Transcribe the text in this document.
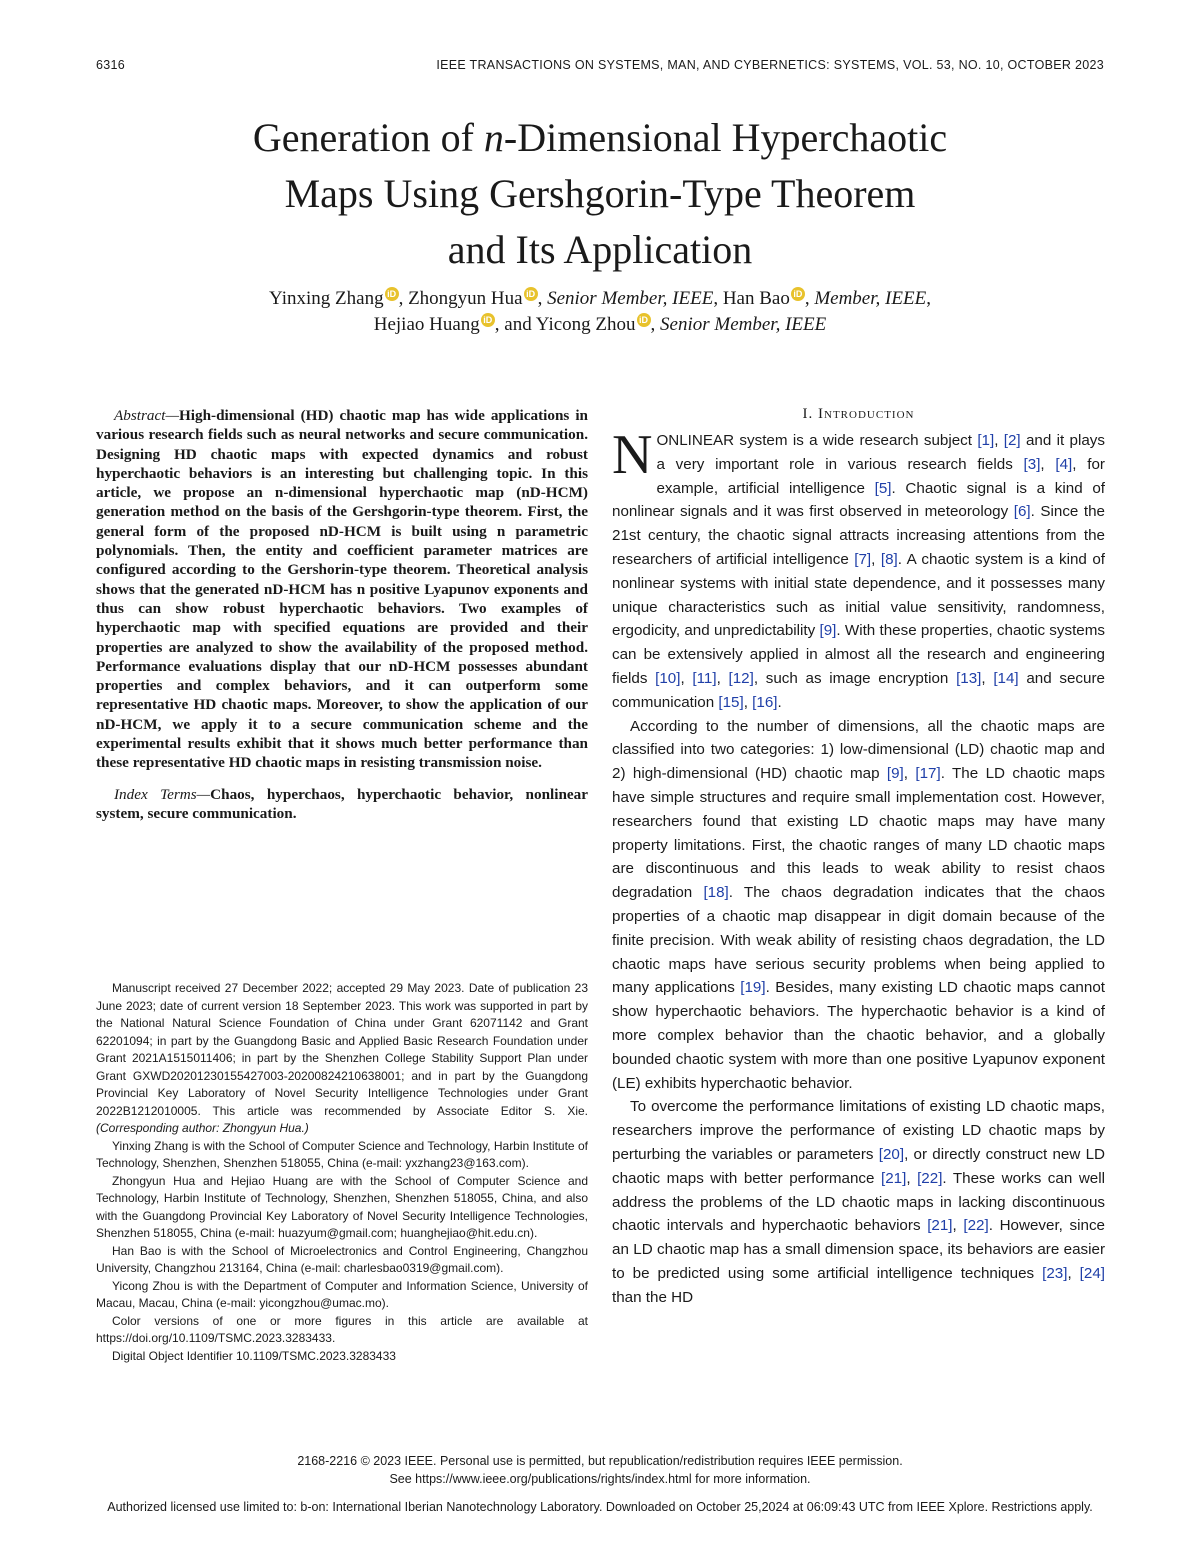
6316	IEEE TRANSACTIONS ON SYSTEMS, MAN, AND CYBERNETICS: SYSTEMS, VOL. 53, NO. 10, OCTOBER 2023
Generation of n-Dimensional Hyperchaotic
Maps Using Gershgorin-Type Theorem
and Its Application
Yinxing Zhang iD , Zhongyun Hua iD , Senior Member, IEEE, Han Bao iD , Member, IEEE,
Hejiao Huang iD , and Yicong Zhou iD , Senior Member, IEEE

Abstract—High-dimensional (HD) chaotic map has wide applications in various research fields such as neural networks and secure communication. Designing HD chaotic maps with expected dynamics and robust hyperchaotic behaviors is an interesting but challenging topic. In this article, we propose an n-dimensional hyperchaotic map (nD-HCM) generation method on the basis of the Gershgorin-type theorem. First, the general form of the proposed nD-HCM is built using n parametric polynomials. Then, the entity and coefficient parameter matrices are configured according to the Gershorin-type theorem. Theoretical analysis shows that the generated nD-HCM has n positive Lyapunov exponents and thus can show robust hyperchaotic behaviors. Two examples of hyperchaotic map with specified equations are provided and their properties are analyzed to show the availability of the proposed method. Performance evaluations display that our nD-HCM possesses abundant properties and complex behaviors, and it can outperform some representative HD chaotic maps. Moreover, to show the application of our nD-HCM, we apply it to a secure communication scheme and the experimental results exhibit that it shows much better performance than these representative HD chaotic maps in resisting transmission noise.

Index Terms—Chaos, hyperchaos, hyperchaotic behavior, nonlinear system, secure communication.

Manuscript received 27 December 2022; accepted 29 May 2023. Date of publication 23 June 2023; date of current version 18 September 2023. This work was supported in part by the National Natural Science Foundation of China under Grant 62071142 and Grant 62201094; in part by the Guangdong Basic and Applied Basic Research Foundation under Grant 2021A1515011406; in part by the Shenzhen College Stability Support Plan under Grant GXWD20201230155427003-20200824210638001; and in part by the Guangdong Provincial Key Laboratory of Novel Security Intelligence Technologies under Grant 2022B1212010005. This article was recommended by Associate Editor S. Xie. (Corresponding author: Zhongyun Hua.)

Yinxing Zhang is with the School of Computer Science and Technology, Harbin Institute of Technology, Shenzhen, Shenzhen 518055, China (e-mail: yxzhang23@163.com).

Zhongyun Hua and Hejiao Huang are with the School of Computer Science and Technology, Harbin Institute of Technology, Shenzhen, Shenzhen 518055, China, and also with the Guangdong Provincial Key Laboratory of Novel Security Intelligence Technologies, Shenzhen 518055, China (e-mail: huazyum@gmail.com; huanghejiao@hit.edu.cn).

Han Bao is with the School of Microelectronics and Control Engineering, Changzhou University, Changzhou 213164, China (e-mail: charlesbao0319@gmail.com).

Yicong Zhou is with the Department of Computer and Information Science, University of Macau, Macau, China (e-mail: yicongzhou@umac.mo).

Color versions of one or more figures in this article are available at https://doi.org/10.1109/TSMC.2023.3283433.

Digital Object Identifier 10.1109/TSMC.2023.3283433

I. Introduction

NONLINEAR system is a wide research subject [1], [2] and it plays a very important role in various research fields [3], [4], for example, artificial intelligence [5]. Chaotic signal is a kind of nonlinear signals and it was first observed in meteorology [6]. Since the 21st century, the chaotic signal attracts increasing attentions from the researchers of artificial intelligence [7], [8]. A chaotic system is a kind of nonlinear systems with initial state dependence, and it possesses many unique characteristics such as initial value sensitivity, randomness, ergodicity, and unpredictability [9]. With these properties, chaotic systems can be extensively applied in almost all the research and engineering fields [10], [11], [12], such as image encryption [13], [14] and secure communication [15], [16].

According to the number of dimensions, all the chaotic maps are classified into two categories: 1) low-dimensional (LD) chaotic map and 2) high-dimensional (HD) chaotic map [9], [17]. The LD chaotic maps have simple structures and require small implementation cost. However, researchers found that existing LD chaotic maps may have many property limitations. First, the chaotic ranges of many LD chaotic maps are discontinuous and this leads to weak ability to resist chaos degradation [18]. The chaos degradation indicates that the chaos properties of a chaotic map disappear in digit domain because of the finite precision. With weak ability of resisting chaos degradation, the LD chaotic maps have serious security problems when being applied to many applications [19]. Besides, many existing LD chaotic maps cannot show hyperchaotic behaviors. The hyperchaotic behavior is a kind of more complex behavior than the chaotic behavior, and a globally bounded chaotic system with more than one positive Lyapunov exponent (LE) exhibits hyperchaotic behavior.

To overcome the performance limitations of existing LD chaotic maps, researchers improve the performance of existing LD chaotic maps by perturbing the variables or parameters [20], or directly construct new LD chaotic maps with better performance [21], [22]. These works can well address the problems of the LD chaotic maps in lacking discontinuous chaotic intervals and hyperchaotic behaviors [21], [22]. However, since an LD chaotic map has a small dimension space, its behaviors are easier to be predicted using some artificial intelligence techniques [23], [24] than the HD

2168-2216 © 2023 IEEE. Personal use is permitted, but republication/redistribution requires IEEE permission.
See https://www.ieee.org/publications/rights/index.html for more information.
Authorized licensed use limited to: b-on: International Iberian Nanotechnology Laboratory. Downloaded on October 25,2024 at 06:09:43 UTC from IEEE Xplore. Restrictions apply.
